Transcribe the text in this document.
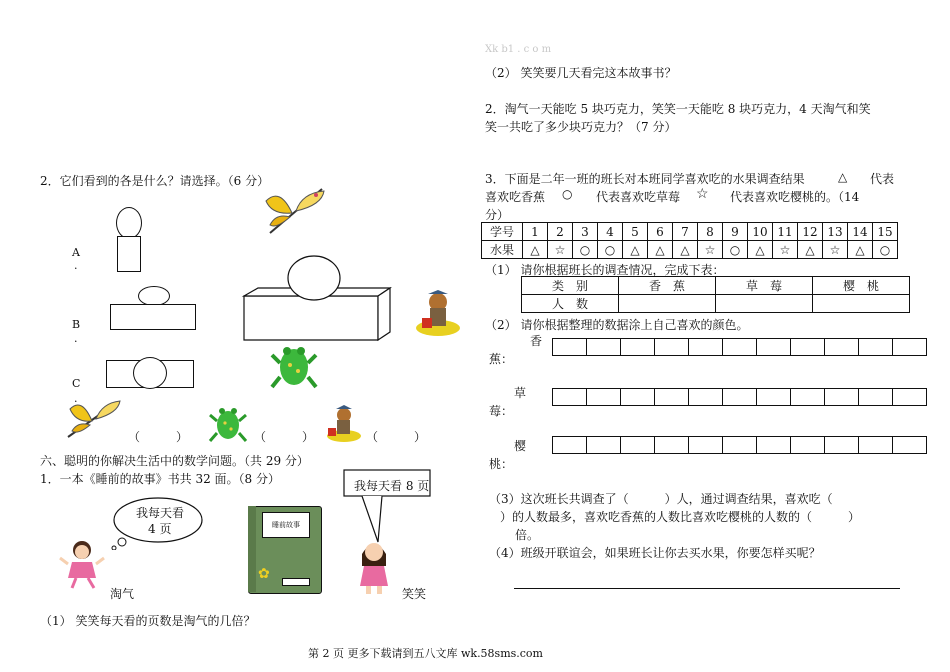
Xk b1 . c o m
（2） 笑笑要几天看完这本故事书？
2．淘气一天能吃 5 块巧克力，笑笑一天能吃 8 块巧克力，4 天淘气和笑
笑一共吃了多少块巧克力？（7 分）
3．下面是二年一班的班长对本班同学喜欢吃的水果调查结果	△ 代表
喜欢吃香蕉 ○ 代表喜欢吃草莓 ☆ 代表喜欢吃樱桃的。（14
分）
学号	1	2	3	4	5	6	7	8	9	10	11	12	13	14	15
水果	△	☆	○	○	△	△	△	☆	○	△	☆	△	☆	△	○
（1） 请你根据班长的调查情况，完成下表：
类　别	香　蕉	草　莓	樱　桃
人　数			
（2） 请你根据整理的数据涂上自己喜欢的颜色。
香
蕉：
草
莓：
樱
桃：
（3）这次班长共调查了（　　　）人，通过调查结果，喜欢吃（
）的人数最多，喜欢吃香蕉的人数比喜欢吃樱桃的人数的（　　　）
倍。
（4）班级开联谊会，如果班长让你去买水果，你要怎样买呢？
2．它们看到的各是什么？请选择。（6 分）
A
.
B
.
C
.
（　　　）	（　　　）	（　　　）
六、聪明的你解决生活中的数学问题。（共 29 分）
1．一本《睡前的故事》书共 32 面。（8 分）
我每天看
4 页
我每天看 8 页
淘气
睡前故事
✿
笑笑
（1） 笑笑每天看的页数是淘气的几倍？
第 2 页 更多下载请到五八文库 wk.58sms.com
